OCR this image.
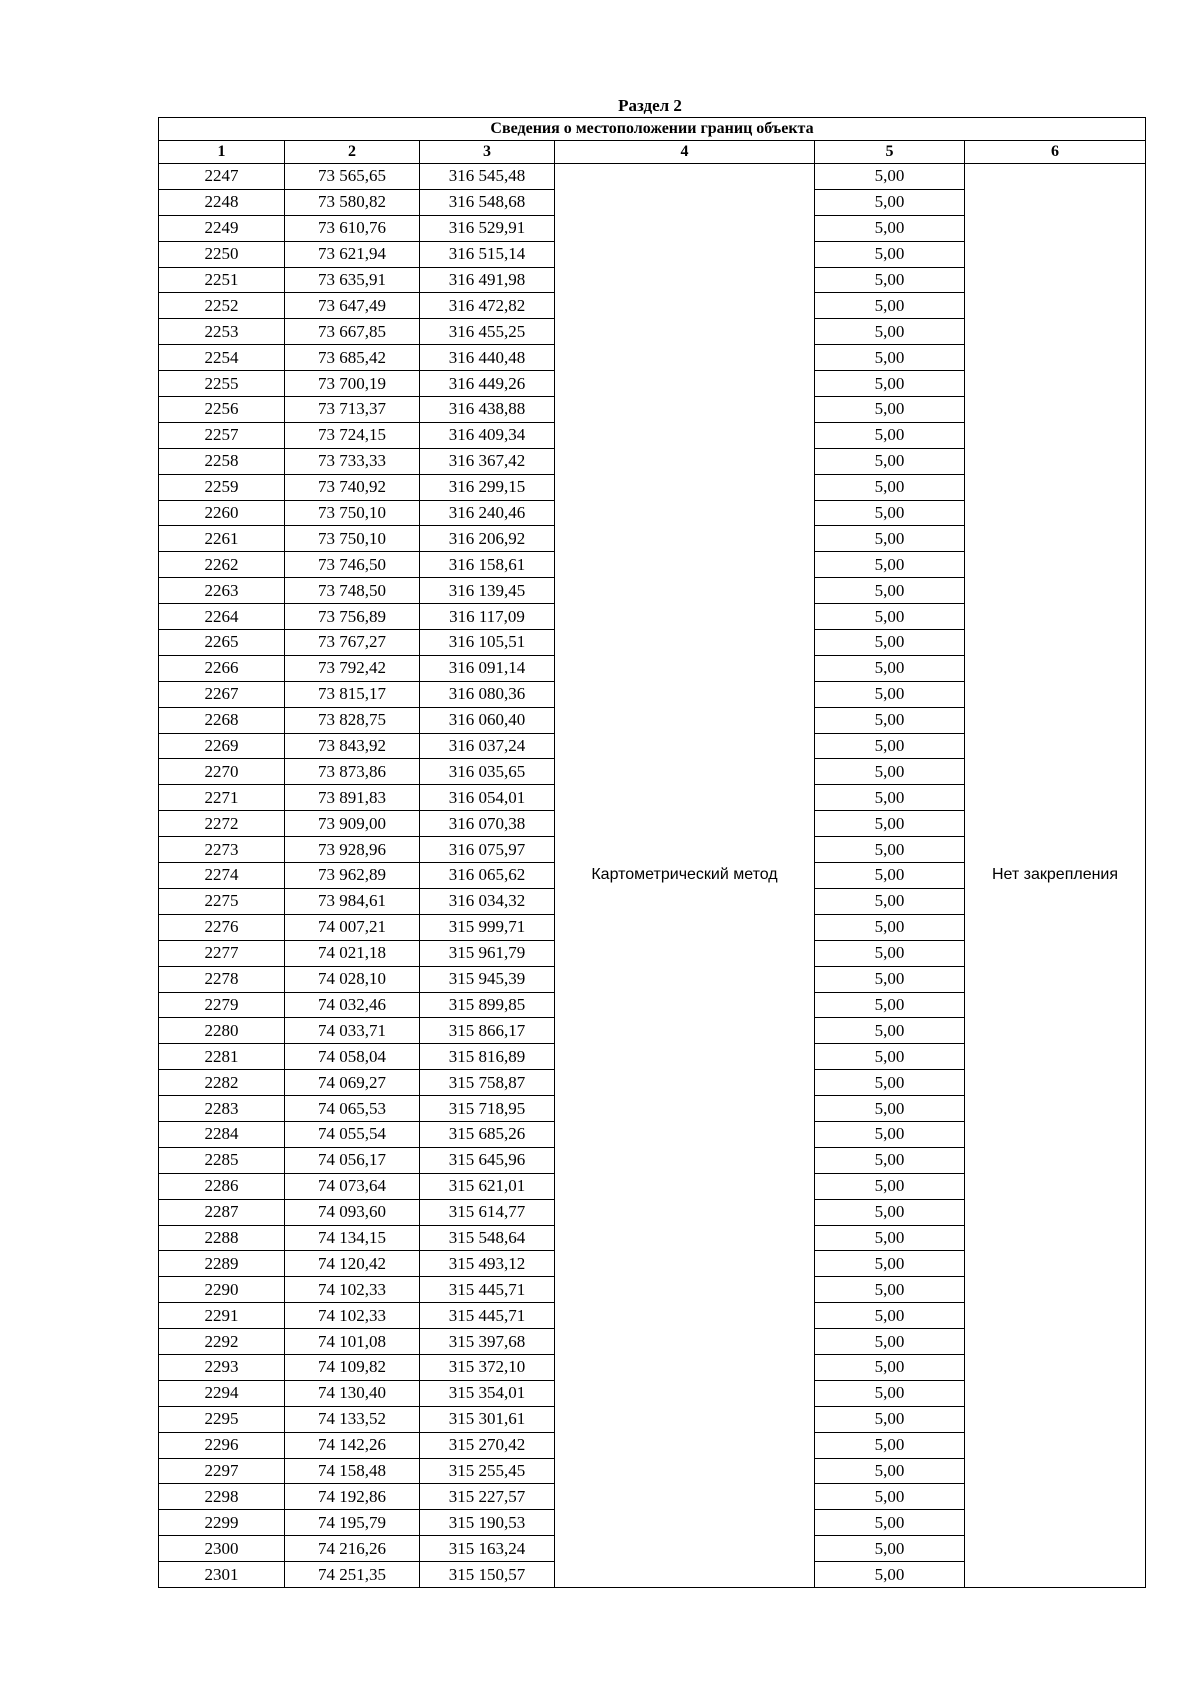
Раздел 2
Сведения о местоположении границ объекта					
1	2	3	4	5	6
2247	73 565,65	316 545,48	Картометрический метод	5,00	Нет закрепления
2248	73 580,82	316 548,68		5,00	
2249	73 610,76	316 529,91		5,00	
2250	73 621,94	316 515,14		5,00	
2251	73 635,91	316 491,98		5,00	
2252	73 647,49	316 472,82		5,00	
2253	73 667,85	316 455,25		5,00	
2254	73 685,42	316 440,48		5,00	
2255	73 700,19	316 449,26		5,00	
2256	73 713,37	316 438,88		5,00	
2257	73 724,15	316 409,34		5,00	
2258	73 733,33	316 367,42		5,00	
2259	73 740,92	316 299,15		5,00	
2260	73 750,10	316 240,46		5,00	
2261	73 750,10	316 206,92		5,00	
2262	73 746,50	316 158,61		5,00	
2263	73 748,50	316 139,45		5,00	
2264	73 756,89	316 117,09		5,00	
2265	73 767,27	316 105,51		5,00	
2266	73 792,42	316 091,14		5,00	
2267	73 815,17	316 080,36		5,00	
2268	73 828,75	316 060,40		5,00	
2269	73 843,92	316 037,24		5,00	
2270	73 873,86	316 035,65		5,00	
2271	73 891,83	316 054,01		5,00	
2272	73 909,00	316 070,38		5,00	
2273	73 928,96	316 075,97		5,00	
2274	73 962,89	316 065,62		5,00	
2275	73 984,61	316 034,32		5,00	
2276	74 007,21	315 999,71		5,00	
2277	74 021,18	315 961,79		5,00	
2278	74 028,10	315 945,39		5,00	
2279	74 032,46	315 899,85		5,00	
2280	74 033,71	315 866,17		5,00	
2281	74 058,04	315 816,89		5,00	
2282	74 069,27	315 758,87		5,00	
2283	74 065,53	315 718,95		5,00	
2284	74 055,54	315 685,26		5,00	
2285	74 056,17	315 645,96		5,00	
2286	74 073,64	315 621,01		5,00	
2287	74 093,60	315 614,77		5,00	
2288	74 134,15	315 548,64		5,00	
2289	74 120,42	315 493,12		5,00	
2290	74 102,33	315 445,71		5,00	
2291	74 102,33	315 445,71		5,00	
2292	74 101,08	315 397,68		5,00	
2293	74 109,82	315 372,10		5,00	
2294	74 130,40	315 354,01		5,00	
2295	74 133,52	315 301,61		5,00	
2296	74 142,26	315 270,42		5,00	
2297	74 158,48	315 255,45		5,00	
2298	74 192,86	315 227,57		5,00	
2299	74 195,79	315 190,53		5,00	
2300	74 216,26	315 163,24		5,00	
2301	74 251,35	315 150,57		5,00	
